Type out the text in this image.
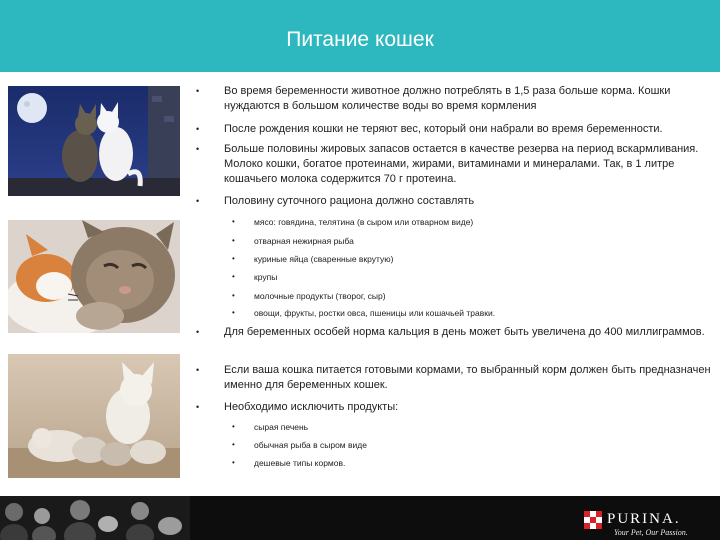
Питание кошек
• Во время беременности животное должно потреблять в 1,5 раза больше корма. Кошки нуждаются в большом количестве воды во время кормления
• После рождения кошки не теряют вес, который они набрали во время беременности.
• Больше половины жировых запасов остается в качестве резерва на период вскармливания. Молоко кошки, богатое протеинами, жирами, витаминами и минералами. Так, в 1 литре кошачьего молока содержится 70 г протеина.
• Половину суточного рациона должно составлять
• мясо: говядина, телятина (в сыром или отварном виде)
• отварная нежирная рыба
• куриные яйца (сваренные вкрутую)
• крупы
• молочные продукты (творог, сыр)
• овощи, фрукты, ростки овса, пшеницы или кошачьей травки.
• Для беременных особей норма кальция в день может быть увеличена до 400 миллиграммов.
• Если ваша кошка питается готовыми кормами, то выбранный корм должен быть предназначен именно для беременных кошек.
• Необходимо исключить продукты:
• сырая печень
• обычная рыба в сыром виде
• дешевые типы кормов.
PURINA.
Your Pet, Our Passion.
